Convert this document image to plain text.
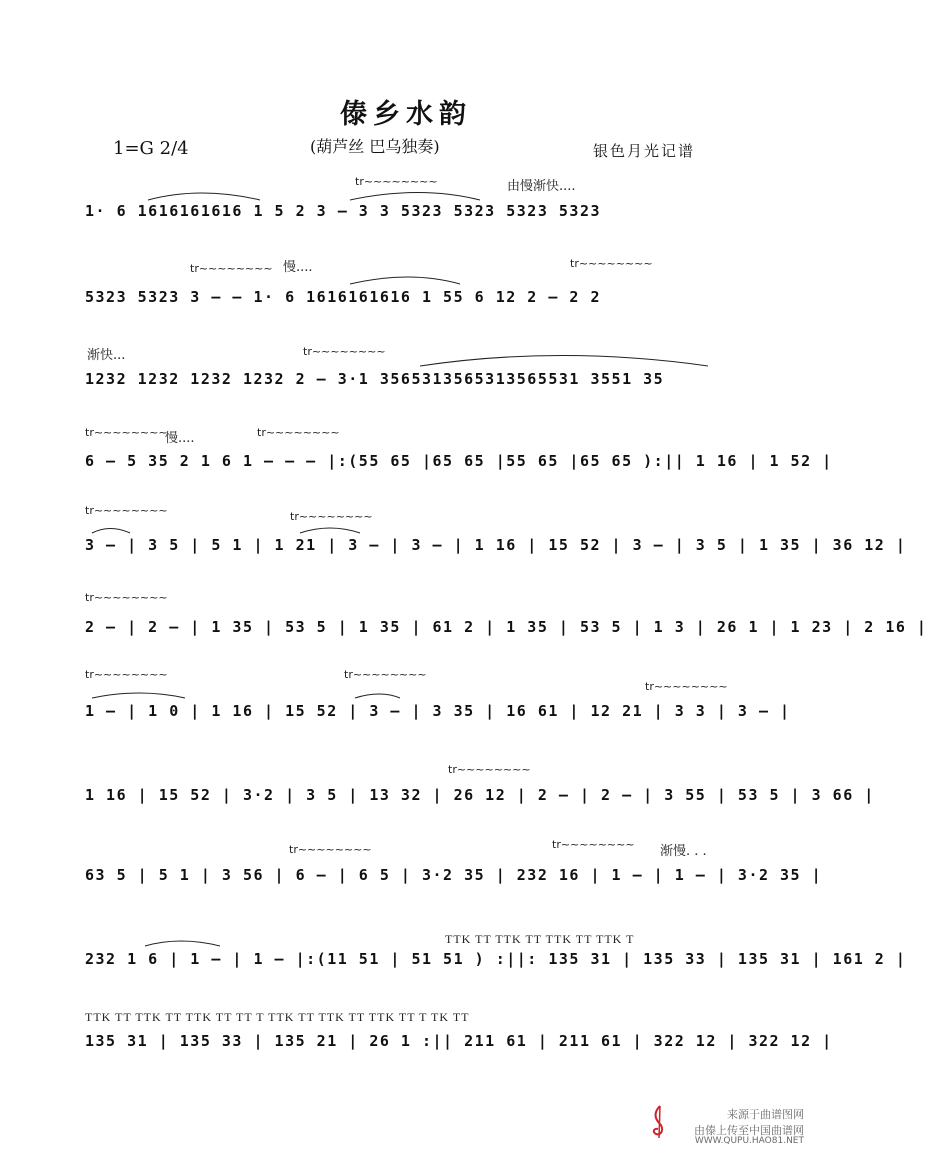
傣乡水韵
1=G 2/4	(葫芦丝 巴乌独奏)	银色月光记谱
由慢渐快....
慢....
渐快...
慢....
渐慢. . .
tr~~~~~~~~
tr~~~~~~~~	tr~~~~~~~~
tr~~~~~~~~
tr~~~~~~~~	tr~~~~~~~~
tr~~~~~~~~	tr~~~~~~~~
tr~~~~~~~~
tr~~~~~~~~	tr~~~~~~~~
tr~~~~~~~~
tr~~~~~~~~
tr~~~~~~~~	tr~~~~~~~~
TTK TT TTK TT TTK TT TTK T
TTK TT TTK TT TTK TT TT T TTK TT TTK TT TTK TT T TK TT
1· 6 1616161616 1 5 2 3 – 3 3 5323 5323 5323 5323
5323 5323 3 – – 1· 6 1616161616 1 55 6 12 2 – 2 2
1232 1232 1232 1232 2 – 3·1 3565313565313565531 3551 35
6 – 5 35 2 1 6 1 – – – |:(55 65 |65 65 |55 65 |65 65 ):|| 1 16 | 1 52 |
3 – | 3 5 | 5 1 | 1 21 | 3 – | 3 – | 1 16 | 15 52 | 3 – | 3 5 | 1 35 | 36 12 |
2 – | 2 – | 1 35 | 53 5 | 1 35 | 61 2 | 1 35 | 53 5 | 1 3 | 26 1 | 1 23 | 2 16 |
1 – | 1 0 | 1 16 | 15 52 | 3 – | 3 35 | 16 61 | 12 21 | 3 3 | 3 – |
1 16 | 15 52 | 3·2 | 3 5 | 13 32 | 26 12 | 2 – | 2 – | 3 55 | 53 5 | 3 66 |
63 5 | 5 1 | 3 56 | 6 – | 6 5 | 3·2 35 | 232 16 | 1 – | 1 – | 3·2 35 |
232 1 6 | 1 – | 1 – |:(11 51 | 51 51 ) :||: 135 31 | 135 33 | 135 31 | 161 2 |
135 31 | 135 33 | 135 21 | 26 1 :|| 211 61 | 211 61 | 322 12 | 322 12 |
来源于曲谱图网
由傣上传至中国曲谱网
WWW.QUPU.HAO81.NET
